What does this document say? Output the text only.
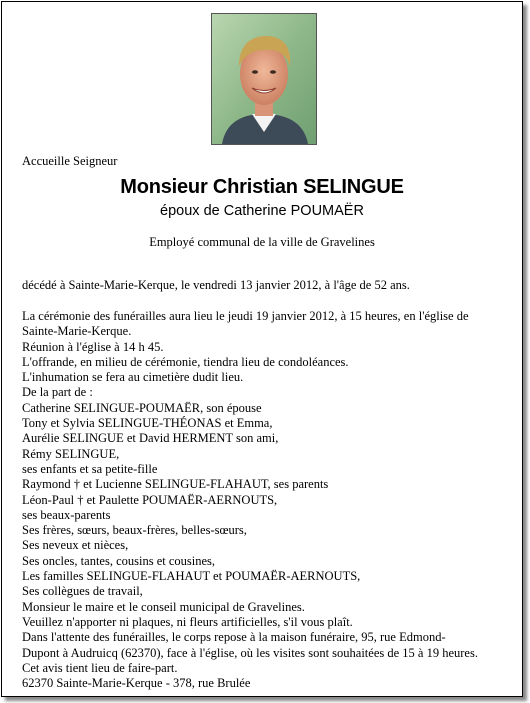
Accueille Seigneur
Monsieur Christian SELINGUE
époux de Catherine POUMAËR
Employé communal de la ville de Gravelines
décédé à Sainte-Marie-Kerque, le vendredi 13 janvier 2012, à l'âge de 52 ans.
La cérémonie des funérailles aura lieu le jeudi 19 janvier 2012, à 15 heures, en l'église de
Sainte-Marie-Kerque.
Réunion à l'église à 14 h 45.
L'offrande, en milieu de cérémonie, tiendra lieu de condoléances.
L'inhumation se fera au cimetière dudit lieu.
De la part de :
Catherine SELINGUE-POUMAËR, son épouse
Tony et Sylvia SELINGUE-THÉONAS et Emma,
Aurélie SELINGUE et David HERMENT son ami,
Rémy SELINGUE,
ses enfants et sa petite-fille
Raymond † et Lucienne SELINGUE-FLAHAUT, ses parents
Léon-Paul † et Paulette POUMAËR-AERNOUTS,
ses beaux-parents
Ses frères, sœurs, beaux-frères, belles-sœurs,
Ses neveux et nièces,
Ses oncles, tantes, cousins et cousines,
Les familles SELINGUE-FLAHAUT et POUMAËR-AERNOUTS,
Ses collègues de travail,
Monsieur le maire et le conseil municipal de Gravelines.
Veuillez n'apporter ni plaques, ni fleurs artificielles, s'il vous plaît.
Dans l'attente des funérailles, le corps repose à la maison funéraire, 95, rue Edmond-
Dupont à Audruicq (62370), face à l'église, où les visites sont souhaitées de 15 à 19 heures.
Cet avis tient lieu de faire-part.
62370 Sainte-Marie-Kerque - 378, rue Brulée
